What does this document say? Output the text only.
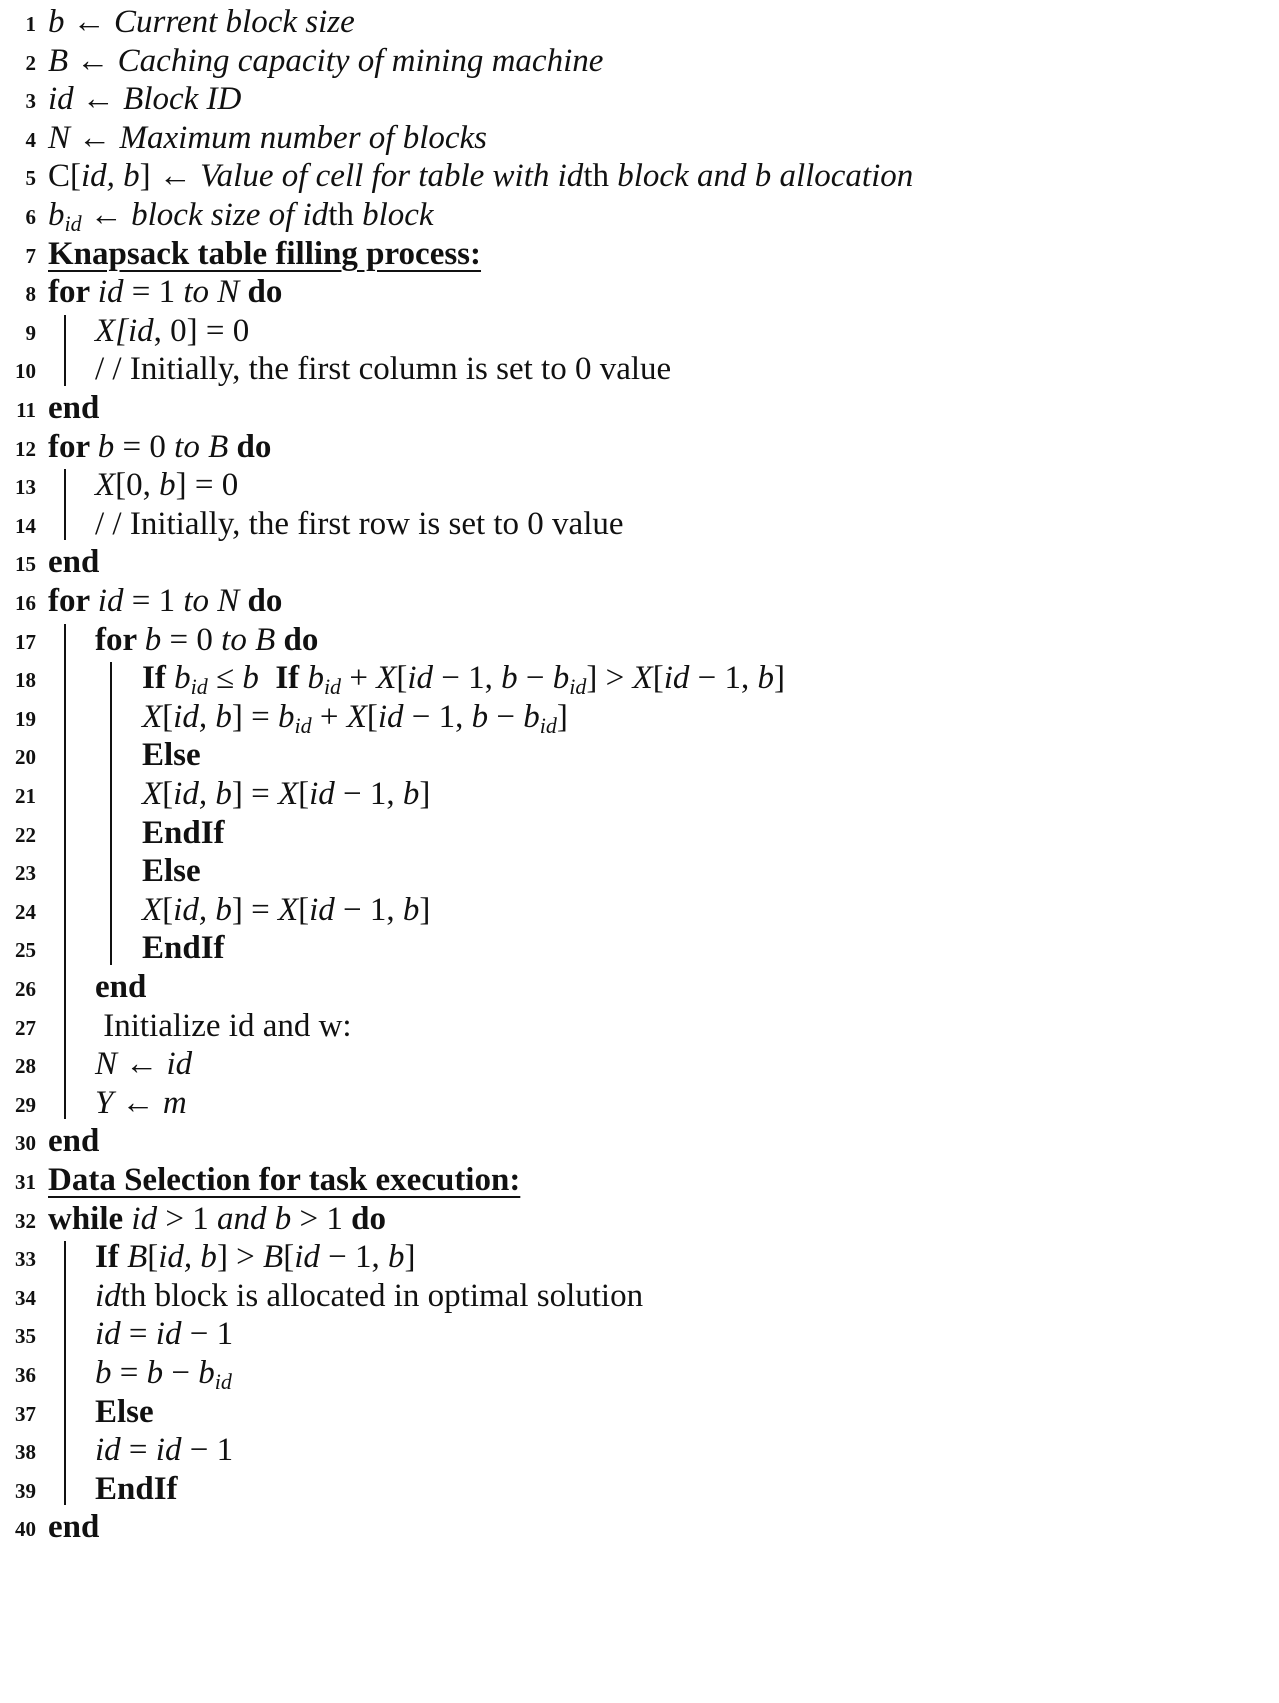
1 b ← Current block size
2 B ← Caching capacity of mining machine
3 id ← Block ID
4 N ← Maximum number of blocks
5 C[id, b] ← Value of cell for table with idth block and b allocation
6 $b_{id}$ ← block size of idth block
7 Knapsack table filling process:
8 for id = 1 to N do
9 X[id, 0] = 0
10 / / Initially, the first column is set to 0 value
11 end
12 for b = 0 to B do
13 X[0, b] = 0
14 / / Initially, the first row is set to 0 value
15 end
16 for id = 1 to N do
17 for b = 0 to B do
18	If $b_{id} \le b$  If $b_{id} + X[id - 1$, $b - b_{id}] > X[id - 1$, b]
19	X[id, $b] = b_{id} + X[id - 1$, $b - b_{id}$]
20	Else
21	X[id, b] = X[id − 1, b]
22	EndIf
23	Else
24	X[id, b] = X[id − 1, b]
25	EndIf
26 end
27 Initialize id and w:
28 N ← id
29 Y ← m
30 end
31 Data Selection for task execution:
32 while id > 1 and b > 1 do
33 If B[id, b] > B[id − 1, b]
34 idth block is allocated in optimal solution
35 id = id − 1
36 $b = b - b_{id}$
37 Else
38 id = id − 1
39 EndIf
40 end
